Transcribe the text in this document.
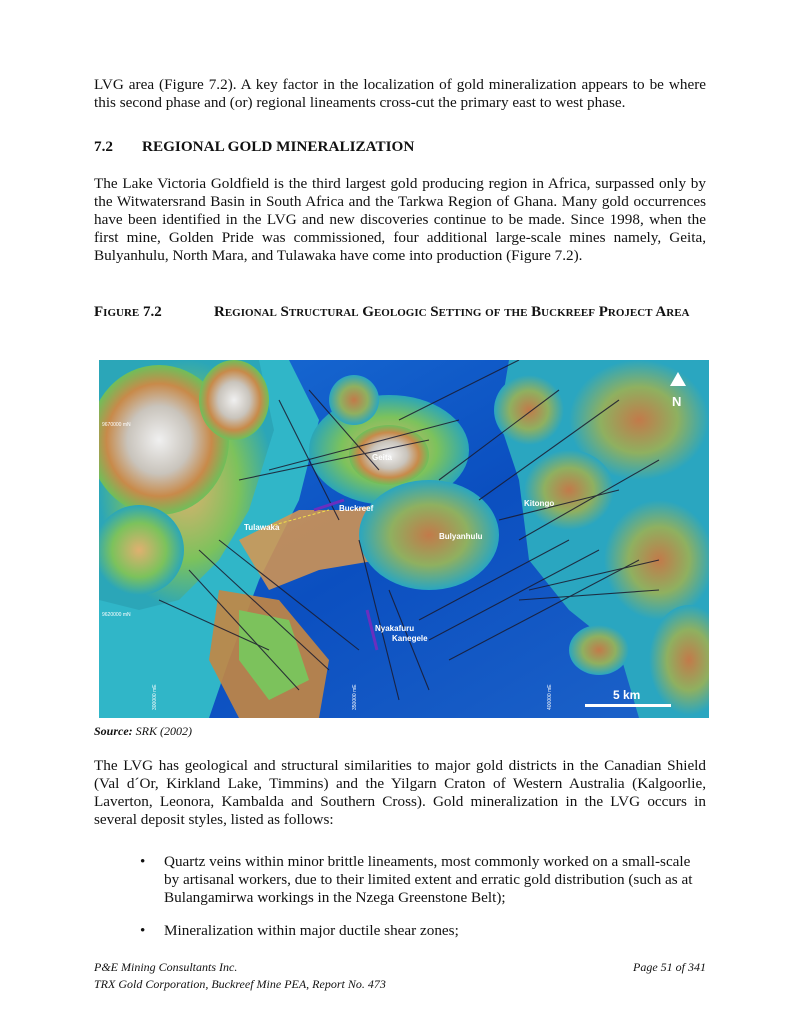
LVG area (Figure 7.2). A key factor in the localization of gold mineralization appears to be where this second phase and (or) regional lineaments cross-cut the primary east to west phase.

7.2 REGIONAL GOLD MINERALIZATION

The Lake Victoria Goldfield is the third largest gold producing region in Africa, surpassed only by the Witwatersrand Basin in South Africa and the Tarkwa Region of Ghana. Many gold occurrences have been identified in the LVG and new discoveries continue to be made. Since 1998, when the first mine, Golden Pride was commissioned, four additional large-scale mines namely, Geita, Bulyanhulu, North Mara, and Tulawaka have come into production (Figure 7.2).

Figure 7.2	Regional Structural Geologic Setting of the Buckreef Project Area
Geita
Buckreef
Tulawaka
Bulyanhulu
Kitongo
Nyakafuru
Kanegele
9670000 mN
9620000 mN
300000 mE	350000 mE	400000 mE
N
5 km

Source: SRK (2002)

The LVG has geological and structural similarities to major gold districts in the Canadian Shield (Val d´Or, Kirkland Lake, Timmins) and the Yilgarn Craton of Western Australia (Kalgoorlie, Laverton, Leonora, Kambalda and Southern Cross). Gold mineralization in the LVG occurs in several deposit styles, listed as follows:

• Quartz veins within minor brittle lineaments, most commonly worked on a small-scale by artisanal workers, due to their limited extent and erratic gold distribution (such as at Bulangamirwa workings in the Nzega Greenstone Belt);
• Mineralization within major ductile shear zones;
P&E Mining Consultants Inc.	Page 51 of 341
TRX Gold Corporation, Buckreef Mine PEA, Report No. 473
